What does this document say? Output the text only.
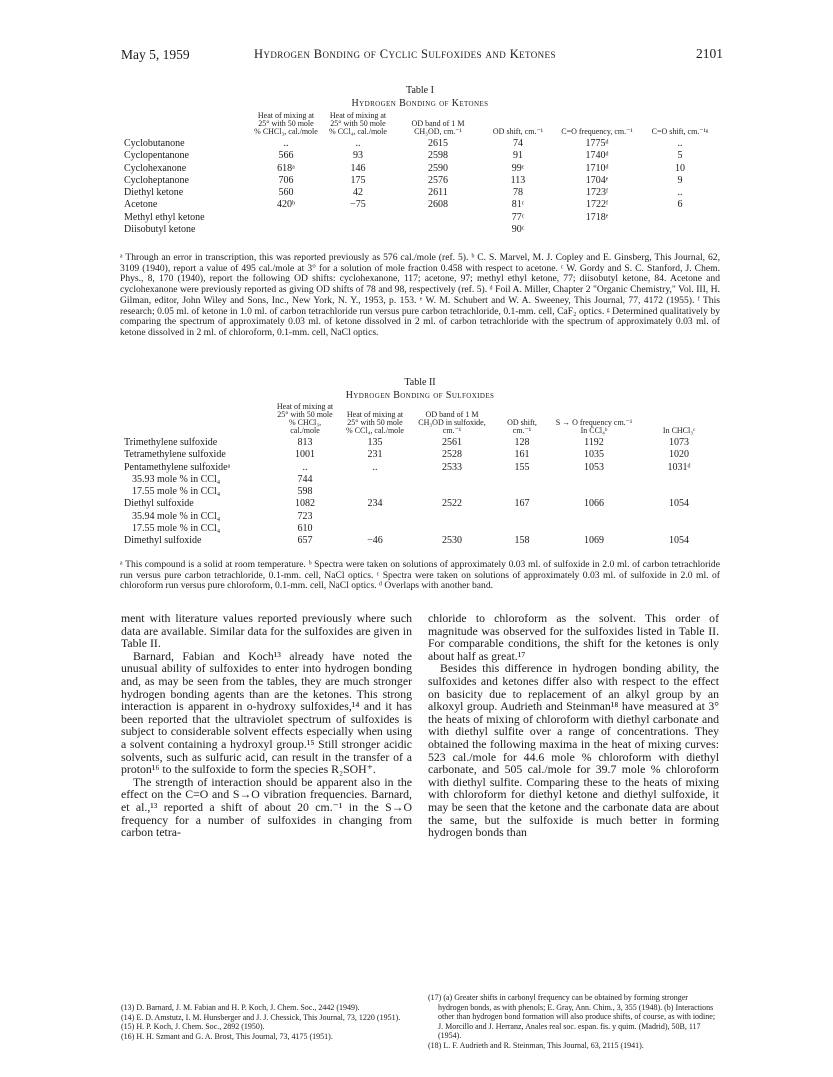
May 5, 1959	Hydrogen Bonding of Cyclic Sulfoxides and Ketones	2101
Table I
Hydrogen Bonding of Ketones
	Heat of mixing at 25° with 50 mole % CHCl₃, cal./mole	Heat of mixing at 25° with 50 mole % CCl₄, cal./mole	OD band of 1 M CH₃OD, cm.⁻¹	OD shift, cm.⁻¹	C=O frequency, cm.⁻¹	C=O shift, cm.⁻¹ᵍ
Cyclobutanone	..	..	2615	74	1775ᵈ	..
Cyclopentanone	566	93	2598	91	1740ᵈ	5
Cyclohexanone	618ᵃ	146	2590	99ᶜ	1710ᵈ	10
Cycloheptanone	706	175	2576	113	1704ᵉ	9
Diethyl ketone	560	42	2611	78	1723ᶠ	..
Acetone	420ᵇ	−75	2608	81ᶜ	1722ᶠ	6
Methyl ethyl ketone				77ᶜ	1718ᵉ	
Diisobutyl ketone				90ᶜ		
ᵃ Through an error in transcription, this was reported previously as 576 cal./mole (ref. 5). ᵇ C. S. Marvel, M. J. Copley and E. Ginsberg, This Journal, 62, 3109 (1940), report a value of 495 cal./mole at 3° for a solution of mole fraction 0.458 with respect to acetone. ᶜ W. Gordy and S. C. Stanford, J. Chem. Phys., 8, 170 (1940), report the following OD shifts: cyclohexanone, 117; acetone, 97; methyl ethyl ketone, 77; diisobutyl ketone, 84. Acetone and cyclohexanone were previously reported as giving OD shifts of 78 and 98, respectively (ref. 5). ᵈ Foil A. Miller, Chapter 2 "Organic Chemistry," Vol. III, H. Gilman, editor, John Wiley and Sons, Inc., New York, N. Y., 1953, p. 153. ᵉ W. M. Schubert and W. A. Sweeney, This Journal, 77, 4172 (1955). ᶠ This research; 0.05 ml. of ketone in 1.0 ml. of carbon tetrachloride run versus pure carbon tetrachloride, 0.1-mm. cell, CaF₂ optics. ᵍ Determined qualitatively by comparing the spectrum of approximately 0.03 ml. of ketone dissolved in 2 ml. of carbon tetrachloride with the spectrum of approximately 0.03 ml. of ketone dissolved in 2 ml. of chloroform, 0.1-mm. cell, NaCl optics.
Table II
Hydrogen Bonding of Sulfoxides
	Heat of mixing at 25° with 50 mole % CHCl₃, cal./mole	Heat of mixing at 25° with 50 mole % CCl₄, cal./mole	OD band of 1 M CH₃OD in sulfoxide, cm.⁻¹	OD shift, cm.⁻¹	S → O frequency cm.⁻¹ In CCl₄ᵇ	In CHCl₃ᶜ
Trimethylene sulfoxide	813	135	2561	128	1192	1073
Tetramethylene sulfoxide	1001	231	2528	161	1035	1020
Pentamethylene sulfoxideᵃ	..	..	2533	155	1053	1031ᵈ
35.93 mole % in CCl₄	744					
17.55 mole % in CCl₄	598					
Diethyl sulfoxide	1082	234	2522	167	1066	1054
35.94 mole % in CCl₄	723					
17.55 mole % in CCl₄	610					
Dimethyl sulfoxide	657	−46	2530	158	1069	1054
ᵃ This compound is a solid at room temperature. ᵇ Spectra were taken on solutions of approximately 0.03 ml. of sulfoxide in 2.0 ml. of carbon tetrachloride run versus pure carbon tetrachloride, 0.1-mm. cell, NaCl optics. ᶜ Spectra were taken on solutions of approximately 0.03 ml. of sulfoxide in 2.0 ml. of chloroform run versus pure chloroform, 0.1-mm. cell, NaCl optics. ᵈ Overlaps with another band.

ment with literature values reported previously where such data are available. Similar data for the sulfoxides are given in Table II.

Barnard, Fabian and Koch¹³ already have noted the unusual ability of sulfoxides to enter into hydrogen bonding and, as may be seen from the tables, they are much stronger hydrogen bonding agents than are the ketones. This strong interaction is apparent in o-hydroxy sulfoxides,¹⁴ and it has been reported that the ultraviolet spectrum of sulfoxides is subject to considerable solvent effects especially when using a solvent containing a hydroxyl group.¹⁵ Still stronger acidic solvents, such as sulfuric acid, can result in the transfer of a proton¹⁶ to the sulfoxide to form the species R₂SOH⁺.

The strength of interaction should be apparent also in the effect on the C=O and S→O vibration frequencies. Barnard, et al.,¹³ reported a shift of about 20 cm.⁻¹ in the S→O frequency for a number of sulfoxides in changing from carbon tetra-

chloride to chloroform as the solvent. This order of magnitude was observed for the sulfoxides listed in Table II. For comparable conditions, the shift for the ketones is only about half as great.¹⁷

Besides this difference in hydrogen bonding ability, the sulfoxides and ketones differ also with respect to the effect on basicity due to replacement of an alkyl group by an alkoxyl group. Audrieth and Steinman¹⁸ have measured at 3° the heats of mixing of chloroform with diethyl carbonate and with diethyl sulfite over a range of concentrations. They obtained the following maxima in the heat of mixing curves: 523 cal./mole for 44.6 mole % chloroform with diethyl carbonate, and 505 cal./mole for 39.7 mole % chloroform with diethyl sulfite. Comparing these to the heats of mixing with chloroform for diethyl ketone and diethyl sulfoxide, it may be seen that the ketone and the carbonate data are about the same, but the sulfoxide is much better in forming hydrogen bonds than

(13) D. Barnard, J. M. Fabian and H. P. Koch, J. Chem. Soc., 2442 (1949).

(14) E. D. Amstutz, I. M. Hunsberger and J. J. Chessick, This Journal, 73, 1220 (1951).

(15) H. P. Koch, J. Chem. Soc., 2892 (1950).

(16) H. H. Szmant and G. A. Brost, This Journal, 73, 4175 (1951).

(17) (a) Greater shifts in carbonyl frequency can be obtained by forming stronger hydrogen bonds, as with phenols; E. Gray, Ann. Chim., 3, 355 (1948). (b) Interactions other than hydrogen bond formation will also produce shifts, of course, as with iodine; J. Morcillo and J. Herranz, Anales real soc. espan. fis. y quim. (Madrid), 50B, 117 (1954).

(18) L. F. Audrieth and R. Steinman, This Journal, 63, 2115 (1941).
